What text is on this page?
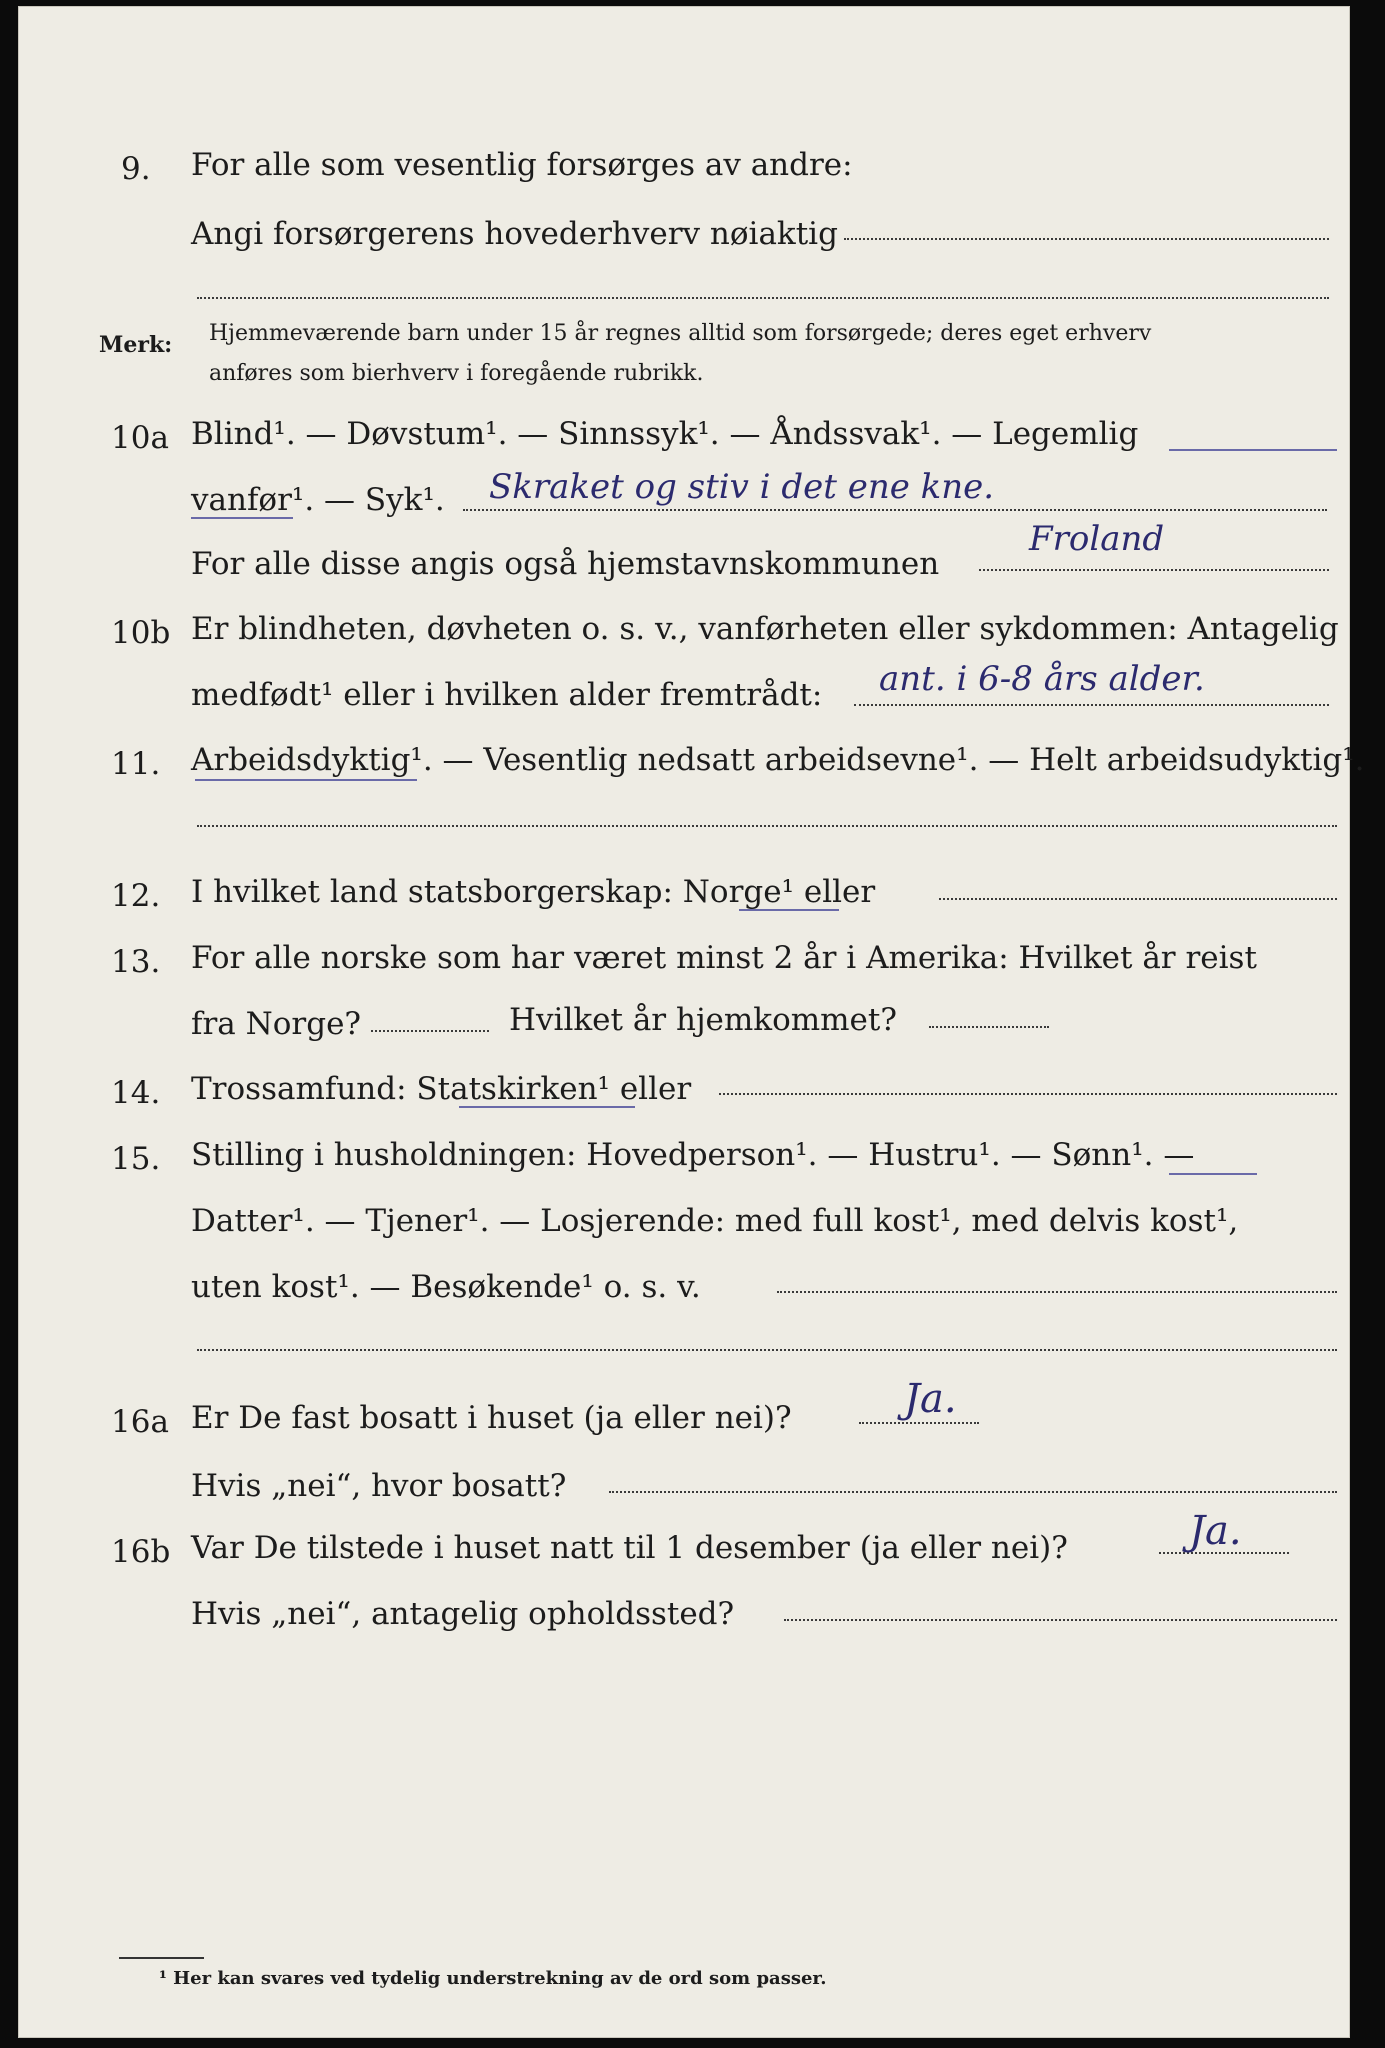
9. For alle som vesentlig forsørges av andre:
Angi forsørgerens hovederhverv nøiaktig
Merk: Hjemmeværende barn under 15 år regnes alltid som forsørgede; deres eget erhverv
anføres som bierhverv i foregående rubrikk.
10a Blind¹. — Døvstum¹. — Sinnssyk¹. — Åndssvak¹. — Legemlig
vanfør¹. — Syk¹. Skraket og stiv i det ene kne.
For alle disse angis også hjemstavnskommunen
Froland
10b Er blindheten, døvheten o. s. v., vanførheten eller sykdommen: Antagelig
medfødt¹ eller i hvilken alder fremtrådt: ant. i 6-8 års alder.
11. Arbeidsdyktig¹. — Vesentlig nedsatt arbeidsevne¹. — Helt arbeidsudyktig¹.
12. I hvilket land statsborgerskap: Norge¹ eller
13. For alle norske som har været minst 2 år i Amerika: Hvilket år reist
fra Norge?	Hvilket år hjemkommet?
14. Trossamfund: Statskirken¹ eller
15. Stilling i husholdningen: Hovedperson¹. — Hustru¹. — Sønn¹. —
Datter¹. — Tjener¹. — Losjerende: med full kost¹, med delvis kost¹,
uten kost¹. — Besøkende¹ o. s. v.
16a Er De fast bosatt i huset (ja eller nei)?	Ja.
Hvis „nei“, hvor bosatt?
16b Var De tilstede i huset natt til 1 desember (ja eller nei)?	Ja.
Hvis „nei“, antagelig opholdssted?
¹ Her kan svares ved tydelig understrekning av de ord som passer.
